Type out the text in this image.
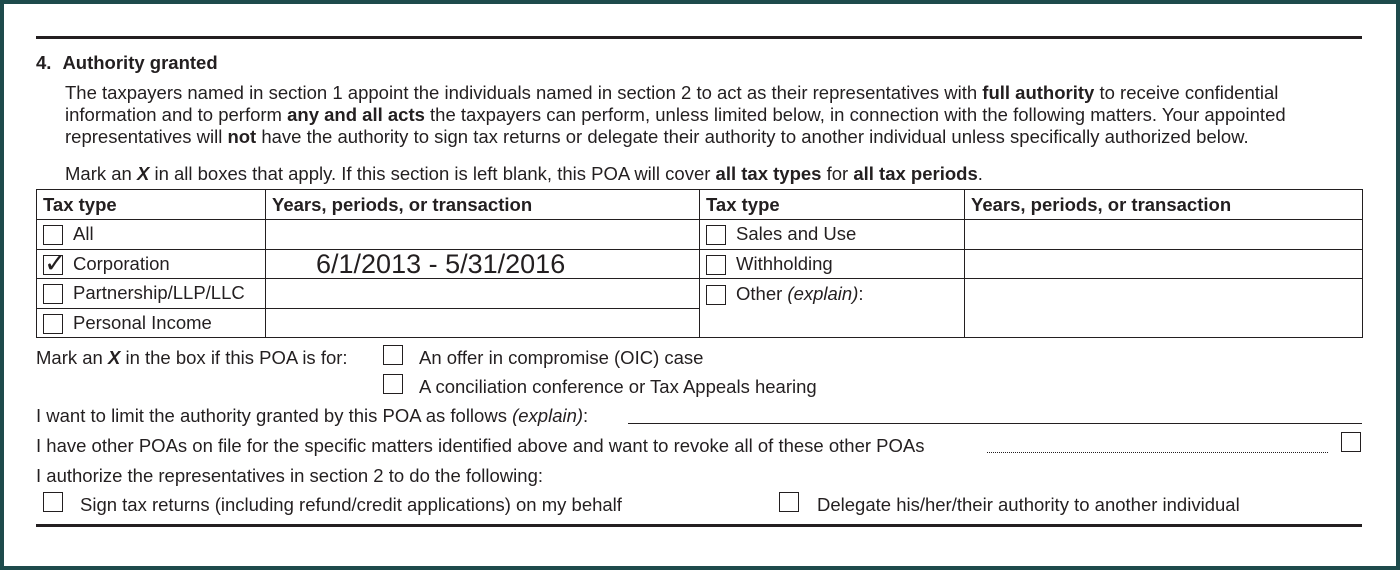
4. Authority granted
The taxpayers named in section 1 appoint the individuals named in section 2 to act as their representatives with full authority to receive confidential
information and to perform any and all acts the taxpayers can perform, unless limited below, in connection with the following matters. Your appointed
representatives will not have the authority to sign tax returns or delegate their authority to another individual unless specifically authorized below.
Mark an X in all boxes that apply. If this section is left blank, this POA will cover all tax types for all tax periods.
Tax type	Years, periods, or transaction	Tax type	Years, periods, or transaction

All		Sales and Use	

✓ Corporation	6/1/2013 - 5/31/2016	Withholding	

Partnership/LLP/LLC		Other (explain):	

Personal Income			
Mark an X in the box if this POA is for:	An offer in compromise (OIC) case
A conciliation conference or Tax Appeals hearing
I want to limit the authority granted by this POA as follows (explain):
I have other POAs on file for the specific matters identified above and want to revoke all of these other POAs
I authorize the representatives in section 2 to do the following:
Sign tax returns (including refund/credit applications) on my behalf	Delegate his/her/their authority to another individual
